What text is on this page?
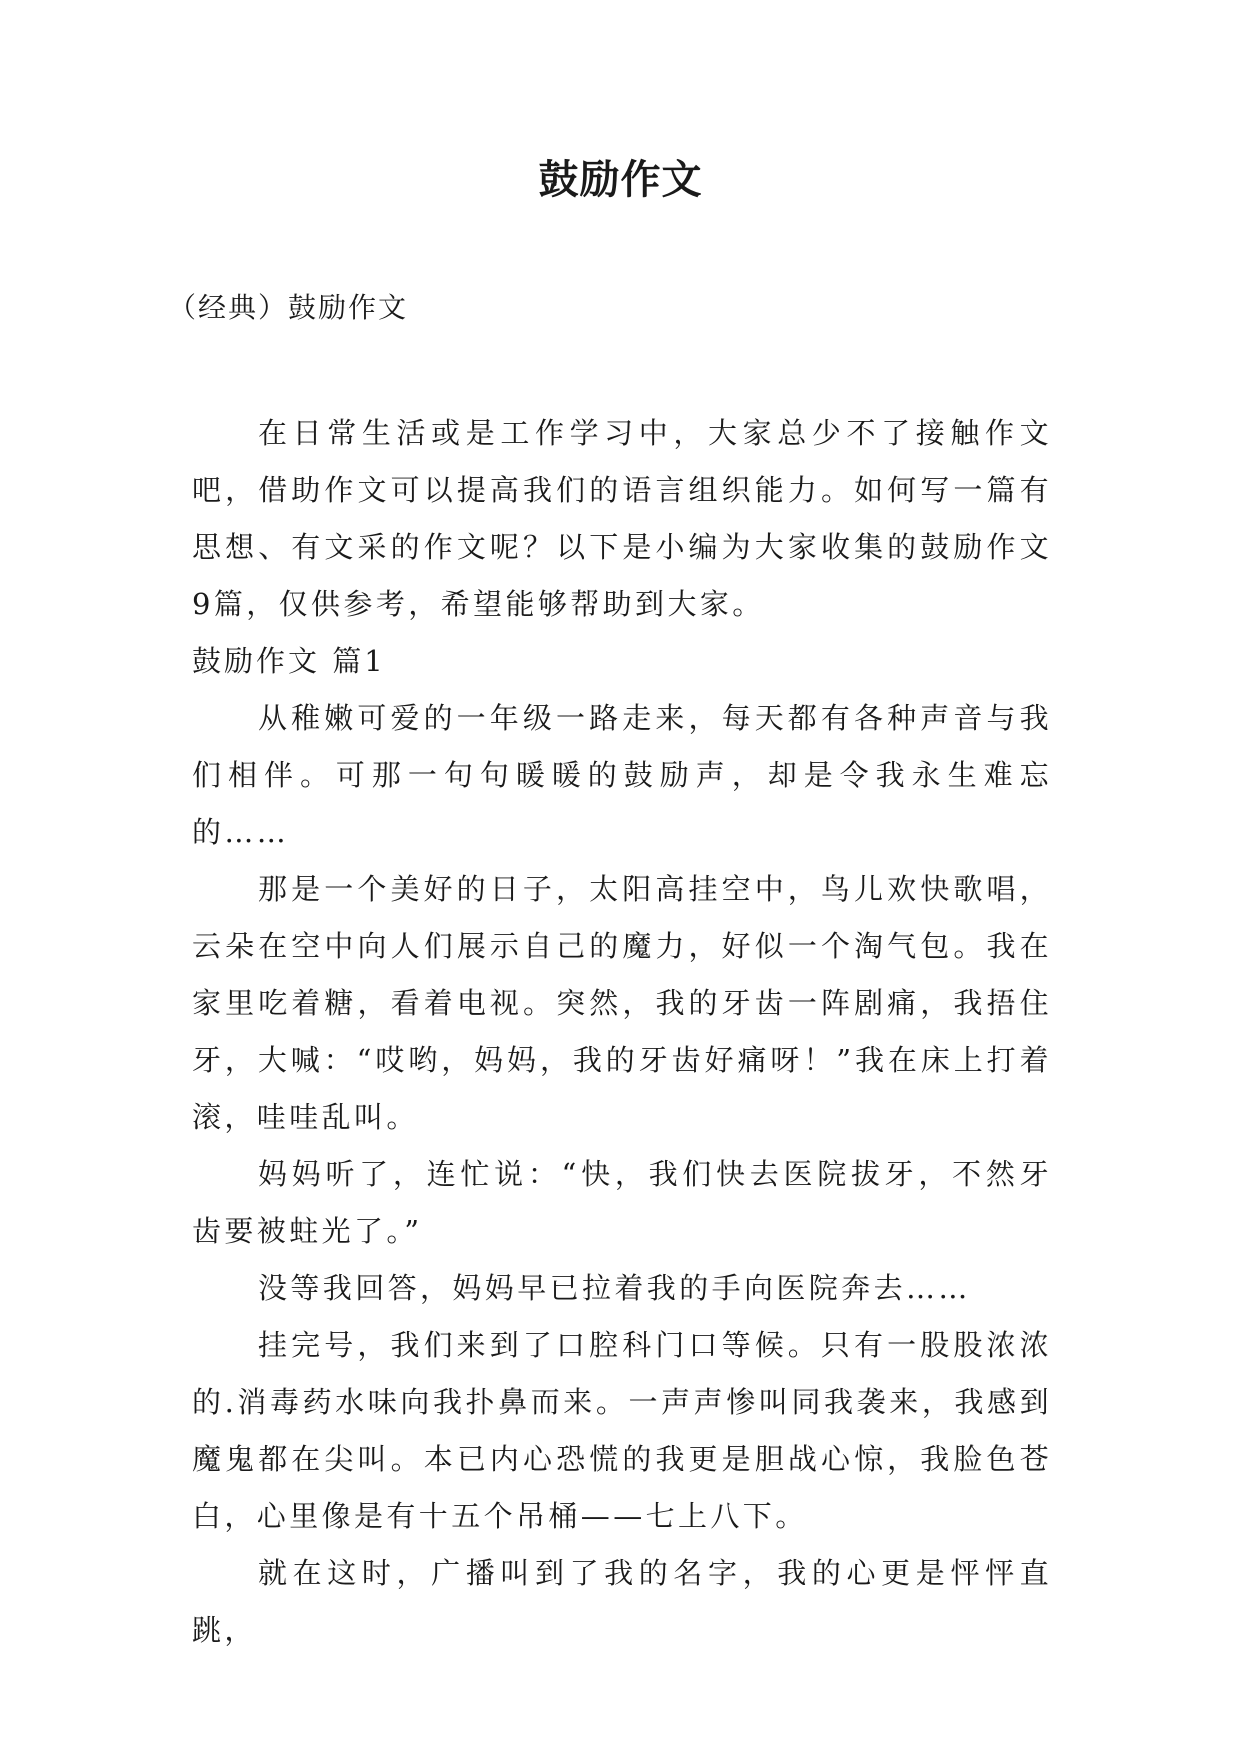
鼓励作文
（经典）鼓励作文

在日常生活或是工作学习中，大家总少不了接触作文吧，借助作文可以提高我们的语言组织能力。如何写一篇有思想、有文采的作文呢？以下是小编为大家收集的鼓励作文9篇，仅供参考，希望能够帮助到大家。

鼓励作文 篇1

从稚嫩可爱的一年级一路走来，每天都有各种声音与我们相伴。可那一句句暖暖的鼓励声，却是令我永生难忘的……

那是一个美好的日子，太阳高挂空中，鸟儿欢快歌唱，云朵在空中向人们展示自己的魔力，好似一个淘气包。我在家里吃着糖，看着电视。突然，我的牙齿一阵剧痛，我捂住牙，大喊：“哎哟，妈妈，我的牙齿好痛呀！”我在床上打着滚，哇哇乱叫。

妈妈听了，连忙说：“快，我们快去医院拔牙，不然牙齿要被蛀光了。”

没等我回答，妈妈早已拉着我的手向医院奔去……

挂完号，我们来到了口腔科门口等候。只有一股股浓浓的.消毒药水味向我扑鼻而来。一声声惨叫同我袭来，我感到魔鬼都在尖叫。本已内心恐慌的我更是胆战心惊，我脸色苍白，心里像是有十五个吊桶——七上八下。

就在这时，广播叫到了我的名字，我的心更是怦怦直跳，
